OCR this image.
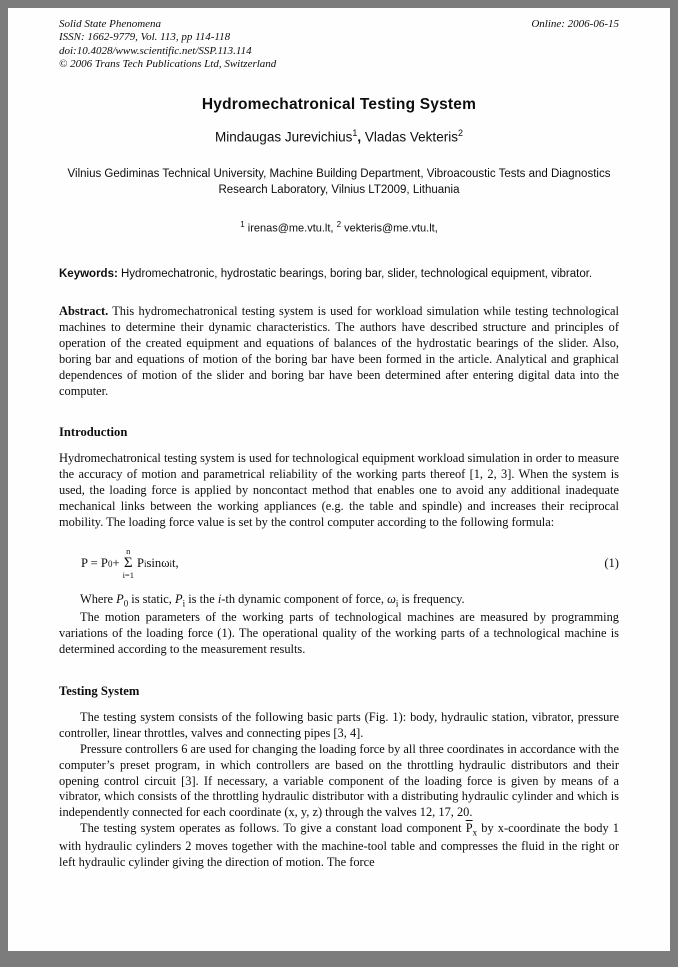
Solid State Phenomena
ISSN: 1662-9779, Vol. 113, pp 114-118
doi:10.4028/www.scientific.net/SSP.113.114
© 2006 Trans Tech Publications Ltd, Switzerland
Online: 2006-06-15
Hydromechatronical Testing System
Mindaugas Jurevichius$^1$, Vladas Vekteris$^2$
Vilnius Gediminas Technical University, Machine Building Department, Vibroacoustic Tests and Diagnostics Research Laboratory, Vilnius LT2009, Lithuania
$^1$ irenas@me.vtu.lt, $^2$ vekteris@me.vtu.lt,

Keywords: Hydromechatronic, hydrostatic bearings, boring bar, slider, technological equipment, vibrator.

Abstract. This hydromechatronical testing system is used for workload simulation while testing technological machines to determine their dynamic characteristics. The authors have described structure and principles of operation of the created equipment and equations of balances of the hydrostatic bearings of the slider. Also, boring bar and equations of motion of the boring bar have been formed in the article. Analytical and graphical dependences of motion of the slider and boring bar have been determined after entering digital data into the computer.

Introduction

Hydromechatronical testing system is used for technological equipment workload simulation in order to measure the accuracy of motion and parametrical reliability of the working parts thereof [1, 2, 3]. When the system is used, the loading force is applied by noncontact method that enables one to avoid any additional inadequate mechanical links between the working appliances (e.g. the table and spindle) and increases their reciprocal mobility. The loading force value is set by the control computer according to the following formula:

P = P 0 +
n
Σ
i=1
P i sin ω i t,	(1)

Where $P_0$ is static, $P_i$ is the i-th dynamic component of force, $\omega_i$ is frequency.

The motion parameters of the working parts of technological machines are measured by programming variations of the loading force (1). The operational quality of the working parts of a technological machine is determined according to the measurement results.

Testing System

The testing system consists of the following basic parts (Fig. 1): body, hydraulic station, vibrator, pressure controller, linear throttles, valves and connecting pipes [3, 4].

Pressure controllers 6 are used for changing the loading force by all three coordinates in accordance with the computer’s preset program, in which controllers are based on the throttling hydraulic distributors and their opening control circuit [3]. If necessary, a variable component of the loading force is given by means of a vibrator, which consists of the throttling hydraulic distributor with a distributing hydraulic cylinder and which is independently connected for each coordinate (x, y, z) through the valves 12, 17, 20.

The testing system operates as follows. To give a constant load component $\overline{P}_x$ by x-coordinate the body 1 with hydraulic cylinders 2 moves together with the machine-tool table and compresses the fluid in the right or left hydraulic cylinder giving the direction of motion. The force
